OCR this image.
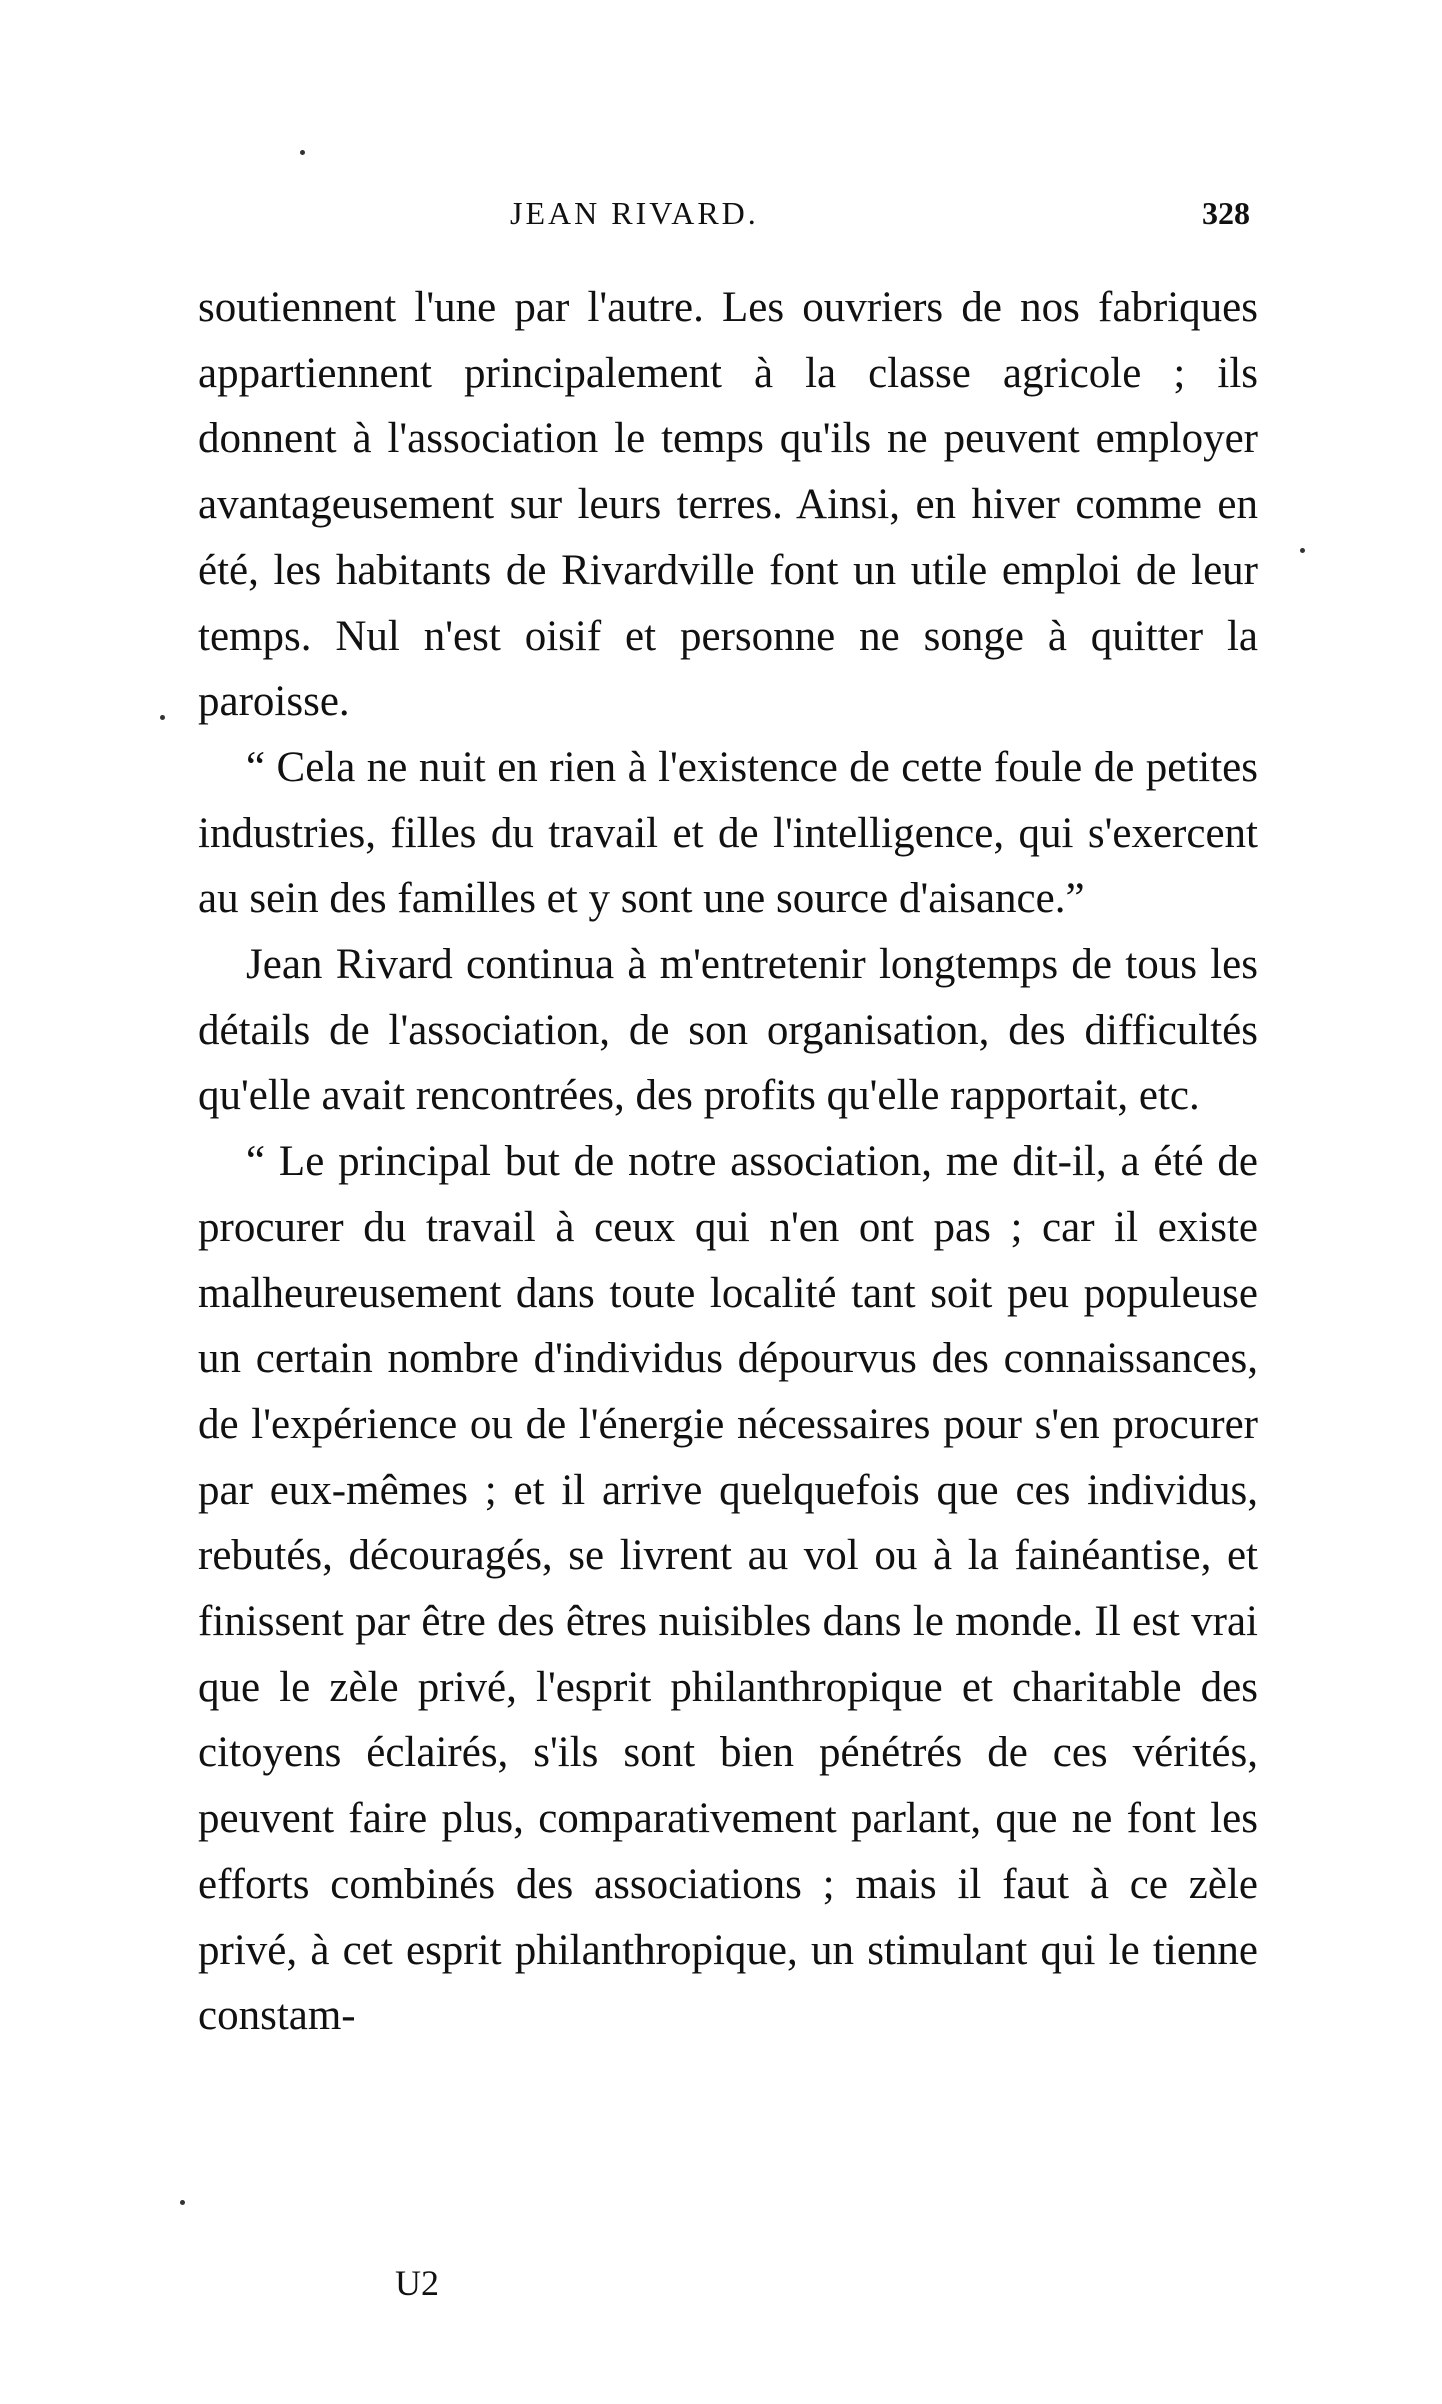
JEAN RIVARD.	328

soutiennent l'une par l'autre. Les ouvriers de nos fabriques appartiennent principalement à la classe agricole ; ils donnent à l'association le temps qu'ils ne peuvent employer avantageusement sur leurs terres. Ainsi, en hiver comme en été, les habitants de Rivardville font un utile emploi de leur temps. Nul n'est oisif et personne ne songe à quitter la paroisse.

“ Cela ne nuit en rien à l'existence de cette foule de petites industries, filles du travail et de l'intelligence, qui s'exercent au sein des familles et y sont une source d'aisance.”

Jean Rivard continua à m'entretenir longtemps de tous les détails de l'association, de son organisation, des difficultés qu'elle avait rencontrées, des profits qu'elle rapportait, etc.

“ Le principal but de notre association, me dit-il, a été de procurer du travail à ceux qui n'en ont pas ; car il existe malheureusement dans toute localité tant soit peu populeuse un certain nombre d'individus dépourvus des connaissances, de l'expérience ou de l'énergie nécessaires pour s'en procurer par eux-mêmes ; et il arrive quelquefois que ces individus, rebutés, découragés, se livrent au vol ou à la fainéantise, et finissent par être des êtres nuisibles dans le monde. Il est vrai que le zèle privé, l'esprit philanthropique et charitable des citoyens éclairés, s'ils sont bien pénétrés de ces vérités, peuvent faire plus, comparativement parlant, que ne font les efforts combinés des associations ; mais il faut à ce zèle privé, à cet esprit philanthropique, un stimulant qui le tienne constam-

U2
